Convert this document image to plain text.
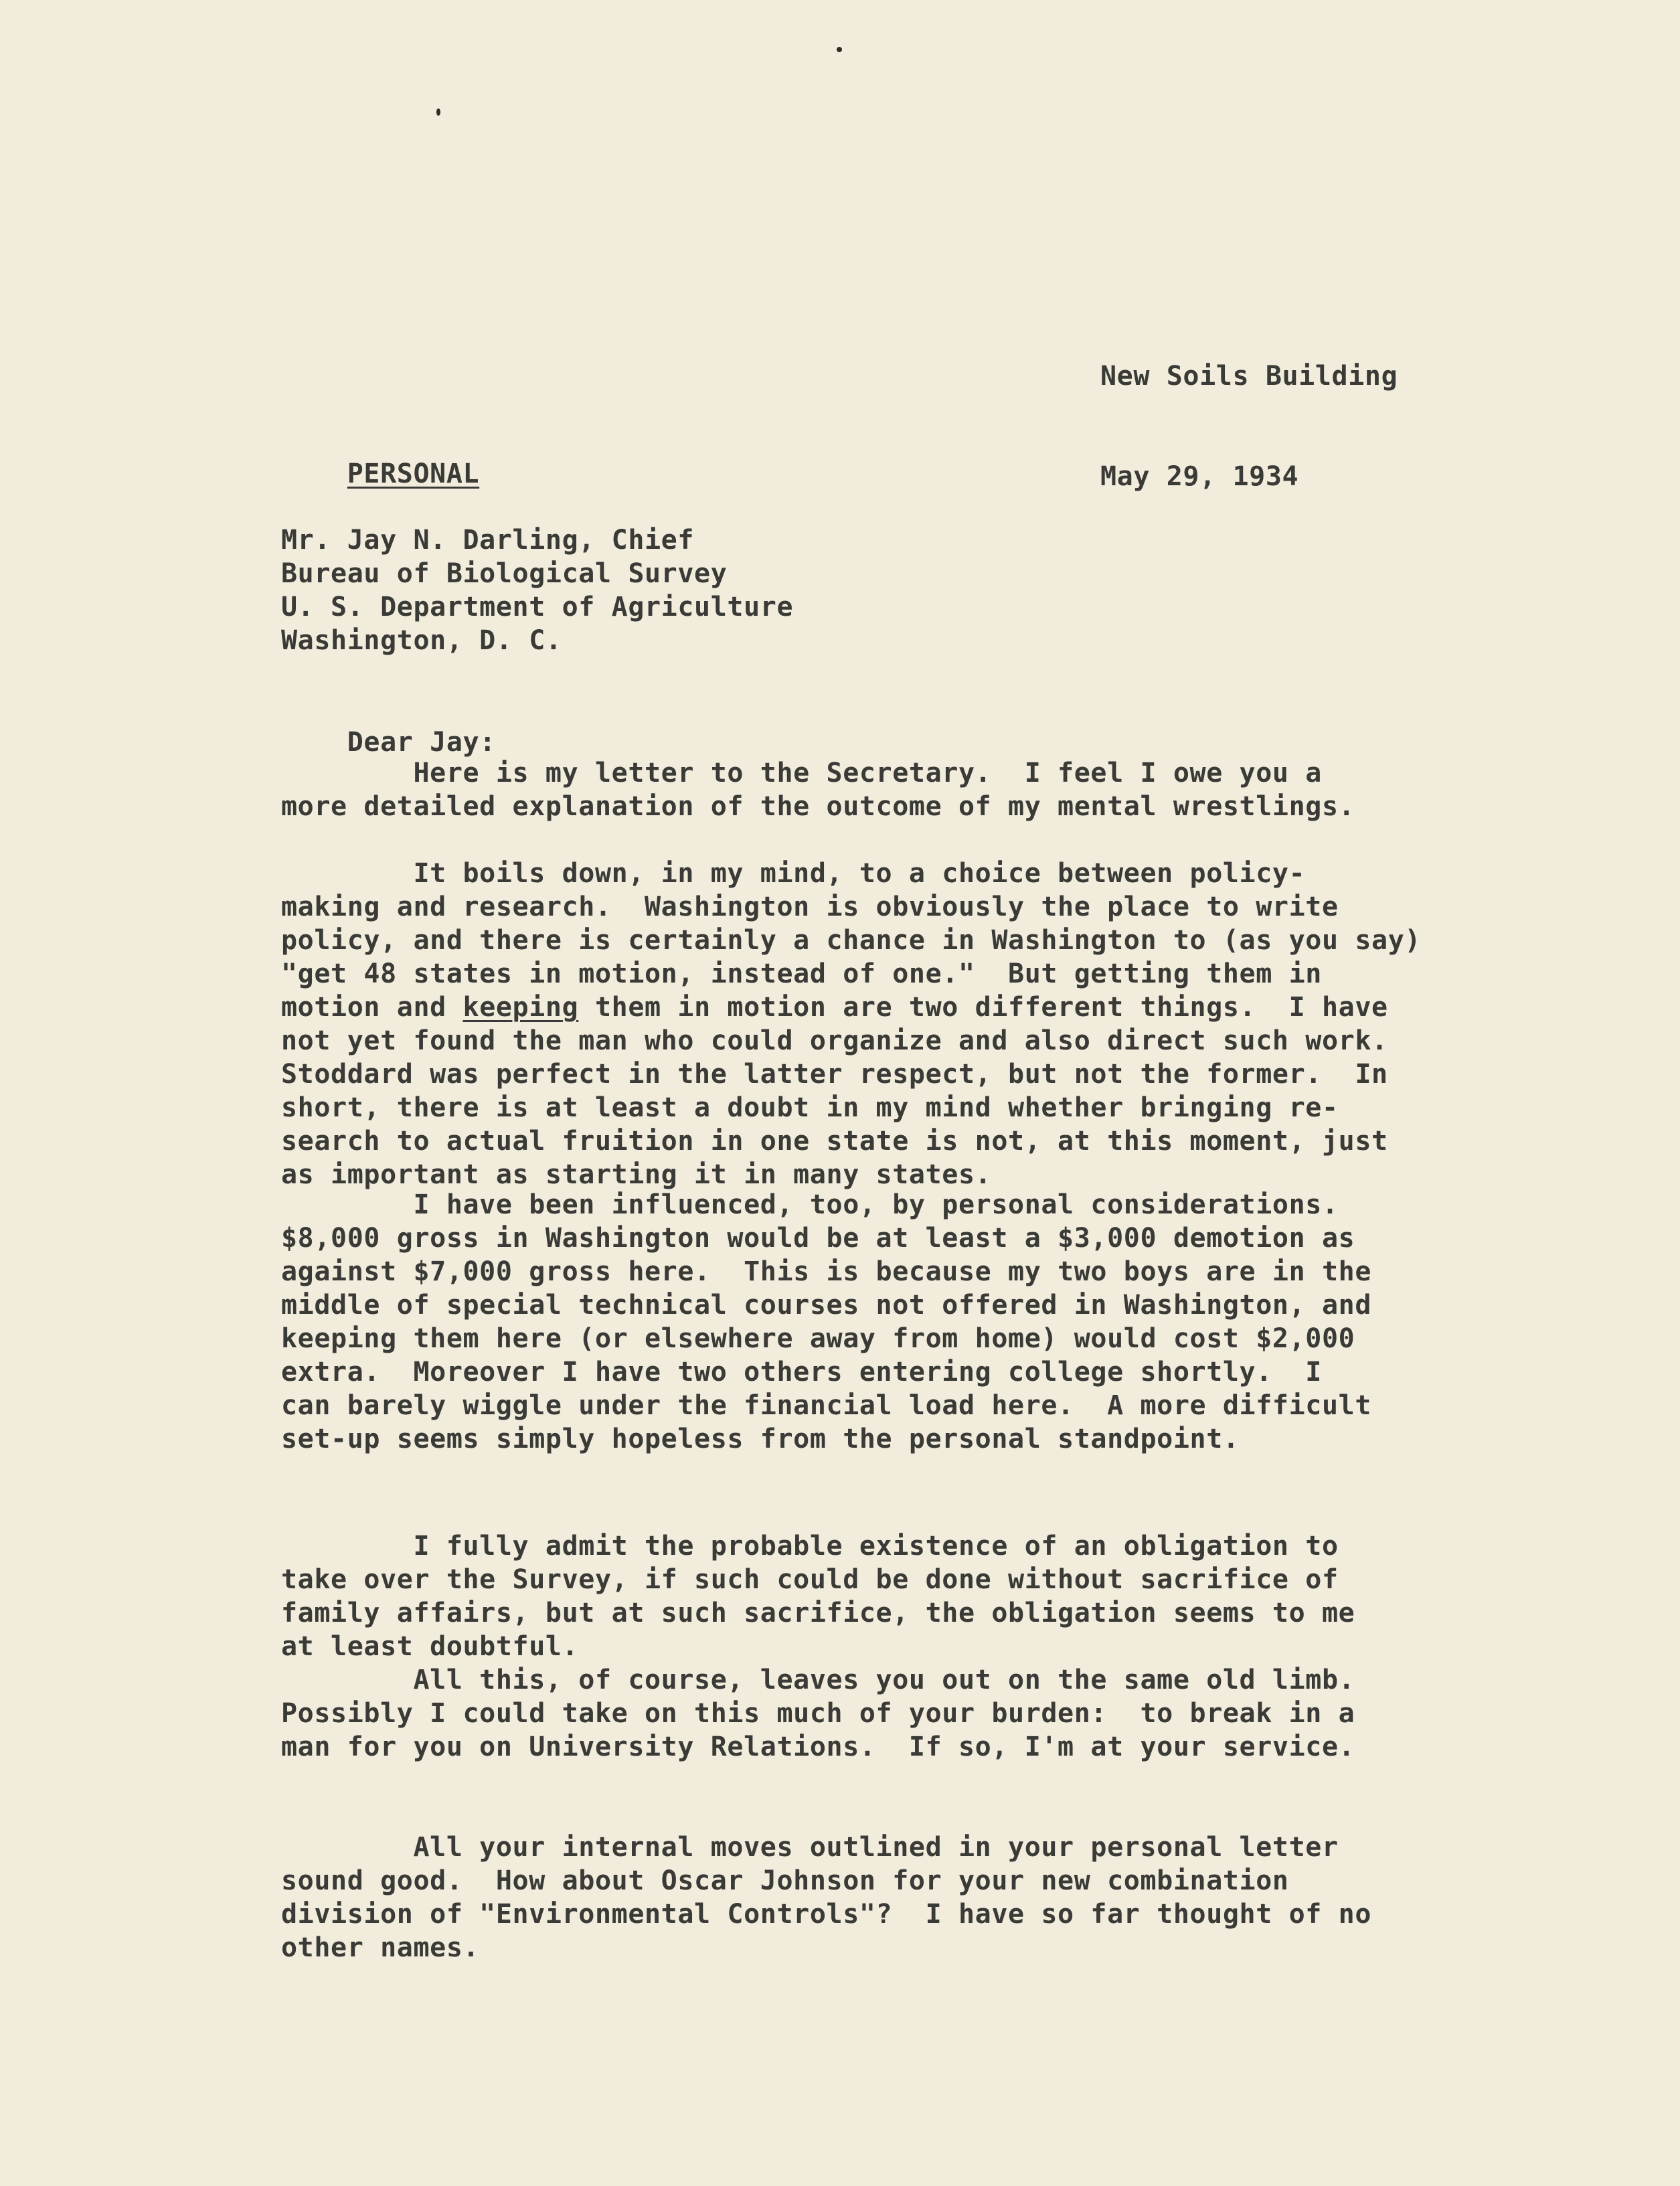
New Soils Building

May 29, 1934

PERSONAL

Mr. Jay N. Darling, Chief
Bureau of Biological Survey
U. S. Department of Agriculture
Washington, D. C.

Dear Jay:

Here is my letter to the Secretary.  I feel I owe you a
more detailed explanation of the outcome of my mental wrestlings.
It boils down, in my mind, to a choice between policy-
making and research.  Washington is obviously the place to write
policy, and there is certainly a chance in Washington to (as you say)
"get 48 states in motion, instead of one."  But getting them in
motion and keeping them in motion are two different things.  I have
not yet found the man who could organize and also direct such work.
Stoddard was perfect in the latter respect, but not the former.  In
short, there is at least a doubt in my mind whether bringing re-
search to actual fruition in one state is not, at this moment, just
as important as starting it in many states.
I have been influenced, too, by personal considerations.
$8,000 gross in Washington would be at least a $3,000 demotion as
against $7,000 gross here.  This is because my two boys are in the
middle of special technical courses not offered in Washington, and
keeping them here (or elsewhere away from home) would cost $2,000
extra.  Moreover I have two others entering college shortly.  I
can barely wiggle under the financial load here.  A more difficult
set-up seems simply hopeless from the personal standpoint.
I fully admit the probable existence of an obligation to
take over the Survey, if such could be done without sacrifice of
family affairs, but at such sacrifice, the obligation seems to me
at least doubtful.
All this, of course, leaves you out on the same old limb.
Possibly I could take on this much of your burden:  to break in a
man for you on University Relations.  If so, I'm at your service.
All your internal moves outlined in your personal letter
sound good.  How about Oscar Johnson for your new combination
division of "Environmental Controls"?  I have so far thought of no
other names.
